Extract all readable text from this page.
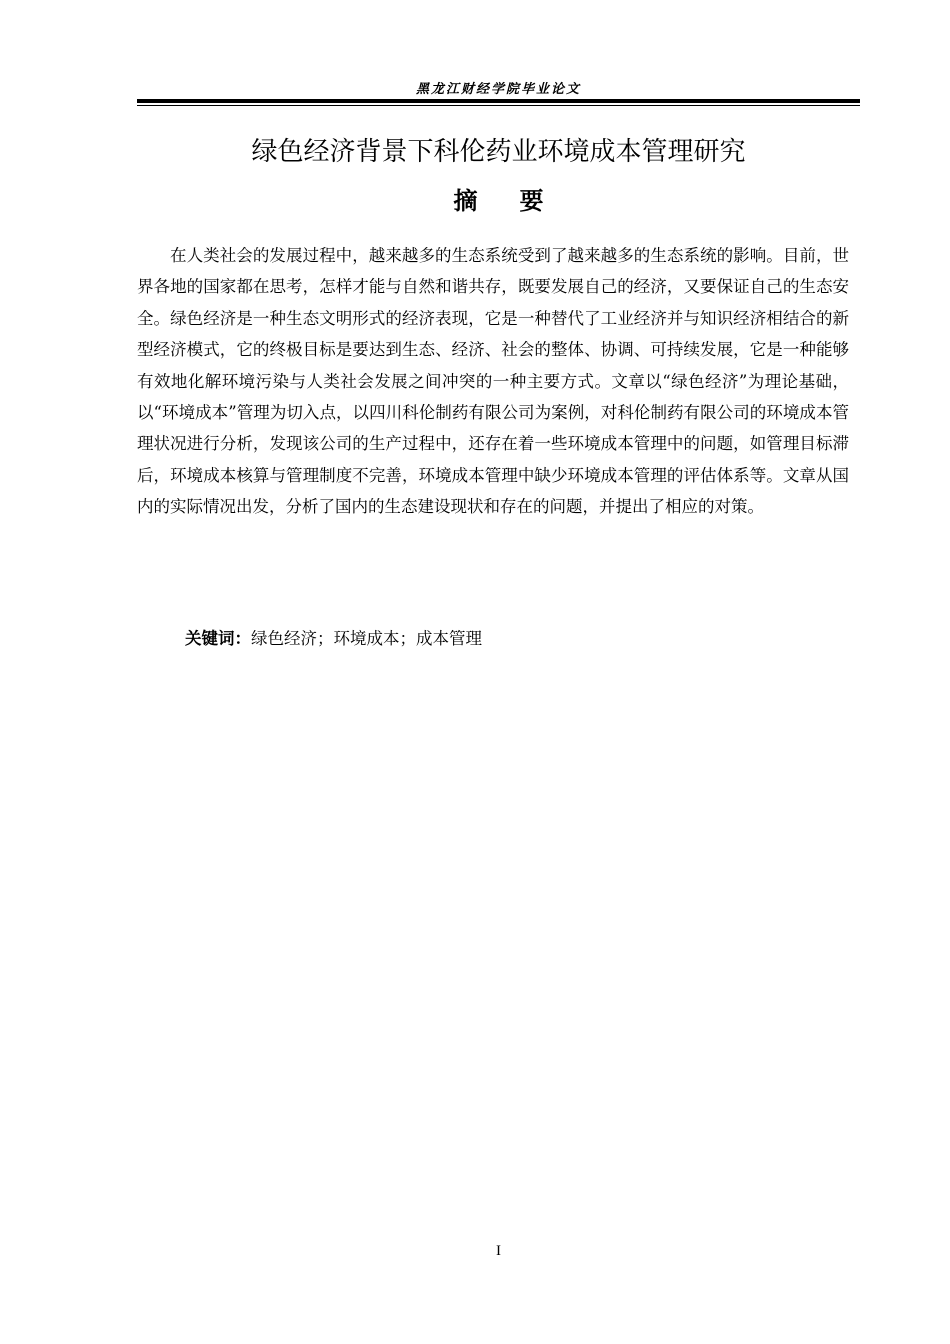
黑龙江财经学院毕业论文
绿色经济背景下科伦药业环境成本管理研究
摘要

在人类社会的发展过程中，越来越多的生态系统受到了越来越多的生态系统的影响。目前，世界各地的国家都在思考，怎样才能与自然和谐共存，既要发展自己的经济，又要保证自己的生态安全。绿色经济是一种生态文明形式的经济表现，它是一种替代了工业经济并与知识经济相结合的新型经济模式，它的终极目标是要达到生态、经济、社会的整体、协调、可持续发展，它是一种能够有效地化解环境污染与人类社会发展之间冲突的一种主要方式。文章以“绿色经济”为理论基础，以“环境成本”管理为切入点，以四川科伦制药有限公司为案例，对科伦制药有限公司的环境成本管理状况进行分析，发现该公司的生产过程中，还存在着一些环境成本管理中的问题，如管理目标滞后，环境成本核算与管理制度不完善，环境成本管理中缺少环境成本管理的评估体系等。文章从国内的实际情况出发，分析了国内的生态建设现状和存在的问题，并提出了相应的对策。

关键词：绿色经济；环境成本；成本管理
I
